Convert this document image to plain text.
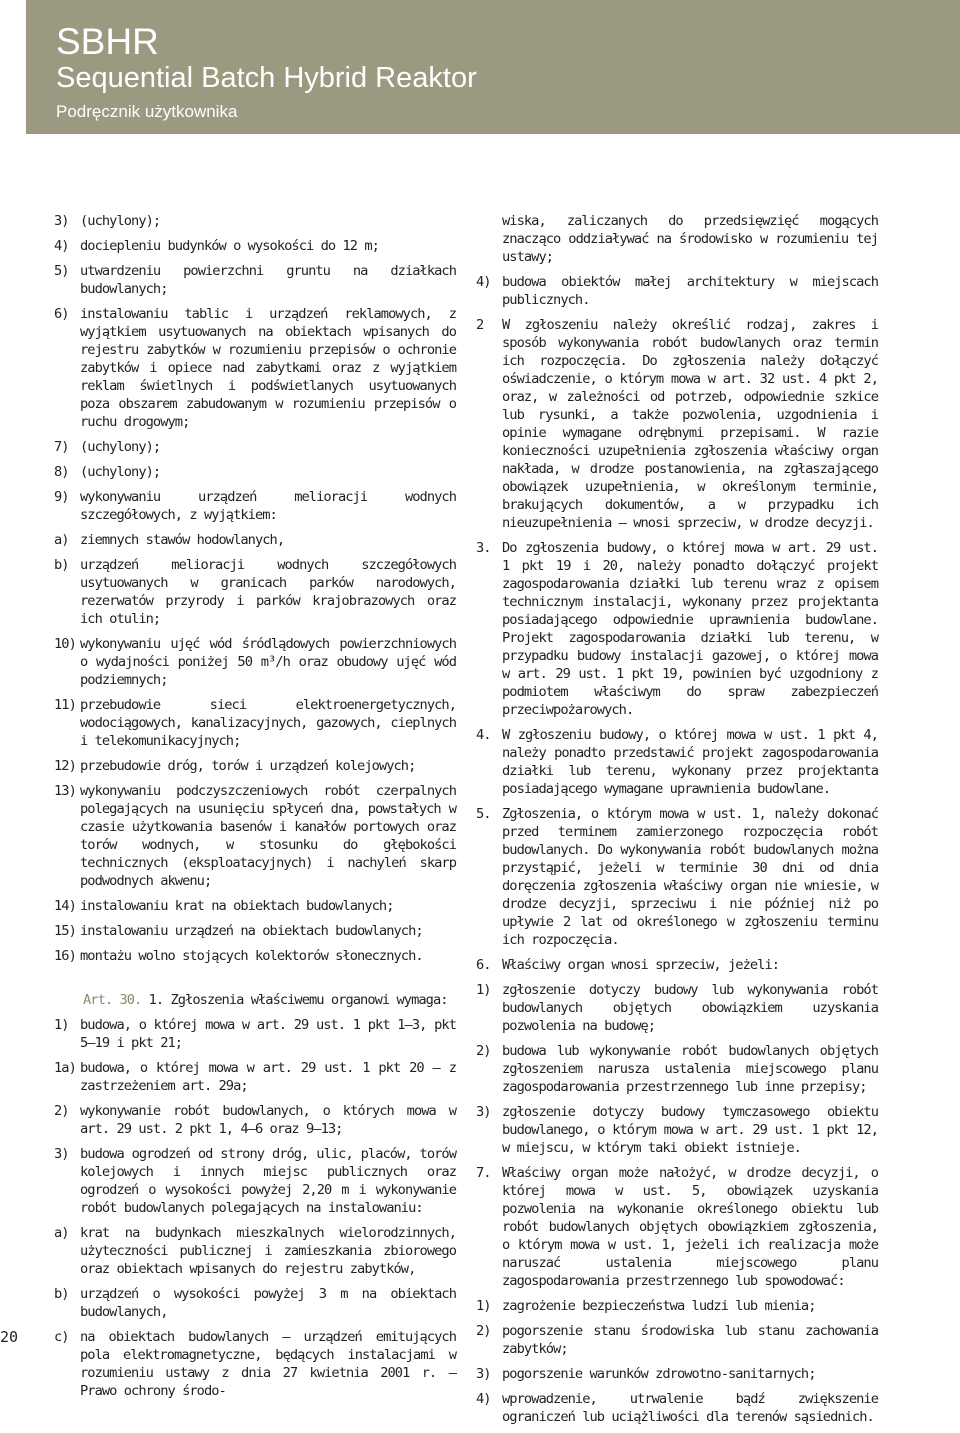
SBHR
Sequential Batch Hybrid Reaktor
Podręcznik użytkownika
3) (uchylony);
4) dociepleniu budynków o wysokości do 12 m;
5) utwardzeniu powierzchni gruntu na działkach budowlanych;
6) instalowaniu tablic i urządzeń reklamowych, z wyjątkiem usytuowanych na obiektach wpisanych do rejestru zabytków w rozumieniu przepisów o ochronie zabytków i opiece nad zabytkami oraz z wyjątkiem reklam świetlnych i podświetlanych usytuowanych poza obszarem zabudowanym w rozumieniu przepisów o ruchu drogowym;
7) (uchylony);
8) (uchylony);
9) wykonywaniu urządzeń melioracji wodnych szczegółowych, z wyjątkiem:
a) ziemnych stawów hodowlanych,
b) urządzeń melioracji wodnych szczegółowych usytuowanych w granicach parków narodowych, rezerwatów przyrody i parków krajobrazowych oraz ich otulin;
10) wykonywaniu ujęć wód śródlądowych powierzchniowych o wydajności poniżej 50 m³/h oraz obudowy ujęć wód podziemnych;
11) przebudowie sieci elektroenergetycznych, wodociągowych, kanalizacyjnych, gazowych, cieplnych i telekomunikacyjnych;
12) przebudowie dróg, torów i urządzeń kolejowych;
13) wykonywaniu podczyszczeniowych robót czerpalnych polegających na usunięciu spłyceń dna, powstałych w czasie użytkowania basenów i kanałów portowych oraz torów wodnych, w stosunku do głębokości technicznych (eksploatacyjnych) i nachyleń skarp podwodnych akwenu;
14) instalowaniu krat na obiektach budowlanych;
15) instalowaniu urządzeń na obiektach budowlanych;
16) montażu wolno stojących kolektorów słonecznych.
Art. 30. 1. Zgłoszenia właściwemu organowi wymaga:
1) budowa, o której mowa w art. 29 ust. 1 pkt 1–3, pkt 5–19 i pkt 21;
1a) budowa, o której mowa w art. 29 ust. 1 pkt 20 – z zastrzeżeniem art. 29a;
2) wykonywanie robót budowlanych, o których mowa w art. 29 ust. 2 pkt 1, 4–6 oraz 9–13;
3) budowa ogrodzeń od strony dróg, ulic, placów, torów kolejowych i innych miejsc publicznych oraz ogrodzeń o wysokości powyżej 2,20 m i wykonywanie robót budowlanych polegających na instalowaniu:
a) krat na budynkach mieszkalnych wielorodzinnych, użyteczności publicznej i zamieszkania zbiorowego oraz obiektach wpisanych do rejestru zabytków,
b) urządzeń o wysokości powyżej 3 m na obiektach budowlanych,
c) na obiektach budowlanych – urządzeń emitujących pola elektromagnetyczne, będących instalacjami w rozumieniu ustawy z dnia 27 kwietnia 2001 r. – Prawo ochrony środo-
wiska, zaliczanych do przedsięwzięć mogących znacząco oddziaływać na środowisko w rozumieniu tej ustawy;
4) budowa obiektów małej architektury w miejscach publicznych.
2	W zgłoszeniu należy określić rodzaj, zakres i sposób wykonywania robót budowlanych oraz termin ich rozpoczęcia. Do zgłoszenia należy dołączyć oświadczenie, o którym mowa w art. 32 ust. 4 pkt 2, oraz, w zależności od potrzeb, odpowiednie szkice lub rysunki, a także pozwolenia, uzgodnienia i opinie wymagane odrębnymi przepisami. W razie konieczności uzupełnienia zgłoszenia właściwy organ nakłada, w drodze postanowienia, na zgłaszającego obowiązek uzupełnienia, w określonym terminie, brakujących dokumentów, a w przypadku ich nieuzupełnienia – wnosi sprzeciw, w drodze decyzji.
3. Do zgłoszenia budowy, o której mowa w art. 29 ust. 1 pkt 19 i 20, należy ponadto dołączyć projekt zagospodarowania działki lub terenu wraz z opisem technicznym instalacji, wykonany przez projektanta posiadającego odpowiednie uprawnienia budowlane. Projekt zagospodarowania działki lub terenu, w przypadku budowy instalacji gazowej, o której mowa w art. 29 ust. 1 pkt 19, powinien być uzgodniony z podmiotem właściwym do spraw zabezpieczeń przeciwpożarowych.
4. W zgłoszeniu budowy, o której mowa w ust. 1 pkt 4, należy ponadto przedstawić projekt zagospodarowania działki lub terenu, wykonany przez projektanta posiadającego wymagane uprawnienia budowlane.
5. Zgłoszenia, o którym mowa w ust. 1, należy dokonać przed terminem zamierzonego rozpoczęcia robót budowlanych. Do wykonywania robót budowlanych można przystąpić, jeżeli w terminie 30 dni od dnia doręczenia zgłoszenia właściwy organ nie wniesie, w drodze decyzji, sprzeciwu i nie później niż po upływie 2 lat od określonego w zgłoszeniu terminu ich rozpoczęcia.
6. Właściwy organ wnosi sprzeciw, jeżeli:
1) zgłoszenie dotyczy budowy lub wykonywania robót budowlanych objętych obowiązkiem uzyskania pozwolenia na budowę;
2) budowa lub wykonywanie robót budowlanych objętych zgłoszeniem narusza ustalenia miejscowego planu zagospodarowania przestrzennego lub inne przepisy;
3) zgłoszenie dotyczy budowy tymczasowego obiektu budowlanego, o którym mowa w art. 29 ust. 1 pkt 12, w miejscu, w którym taki obiekt istnieje.
7. Właściwy organ może nałożyć, w drodze decyzji, o której mowa w ust. 5, obowiązek uzyskania pozwolenia na wykonanie określonego obiektu lub robót budowlanych objętych obowiązkiem zgłoszenia, o którym mowa w ust. 1, jeżeli ich realizacja może naruszać ustalenia miejscowego planu zagospodarowania przestrzennego lub spowodować:
1) zagrożenie bezpieczeństwa ludzi lub mienia;
2) pogorszenie stanu środowiska lub stanu zachowania zabytków;
3) pogorszenie warunków zdrowotno-sanitarnych;
4) wprowadzenie, utrwalenie bądź zwiększenie ograniczeń lub uciążliwości dla terenów sąsiednich.
20
